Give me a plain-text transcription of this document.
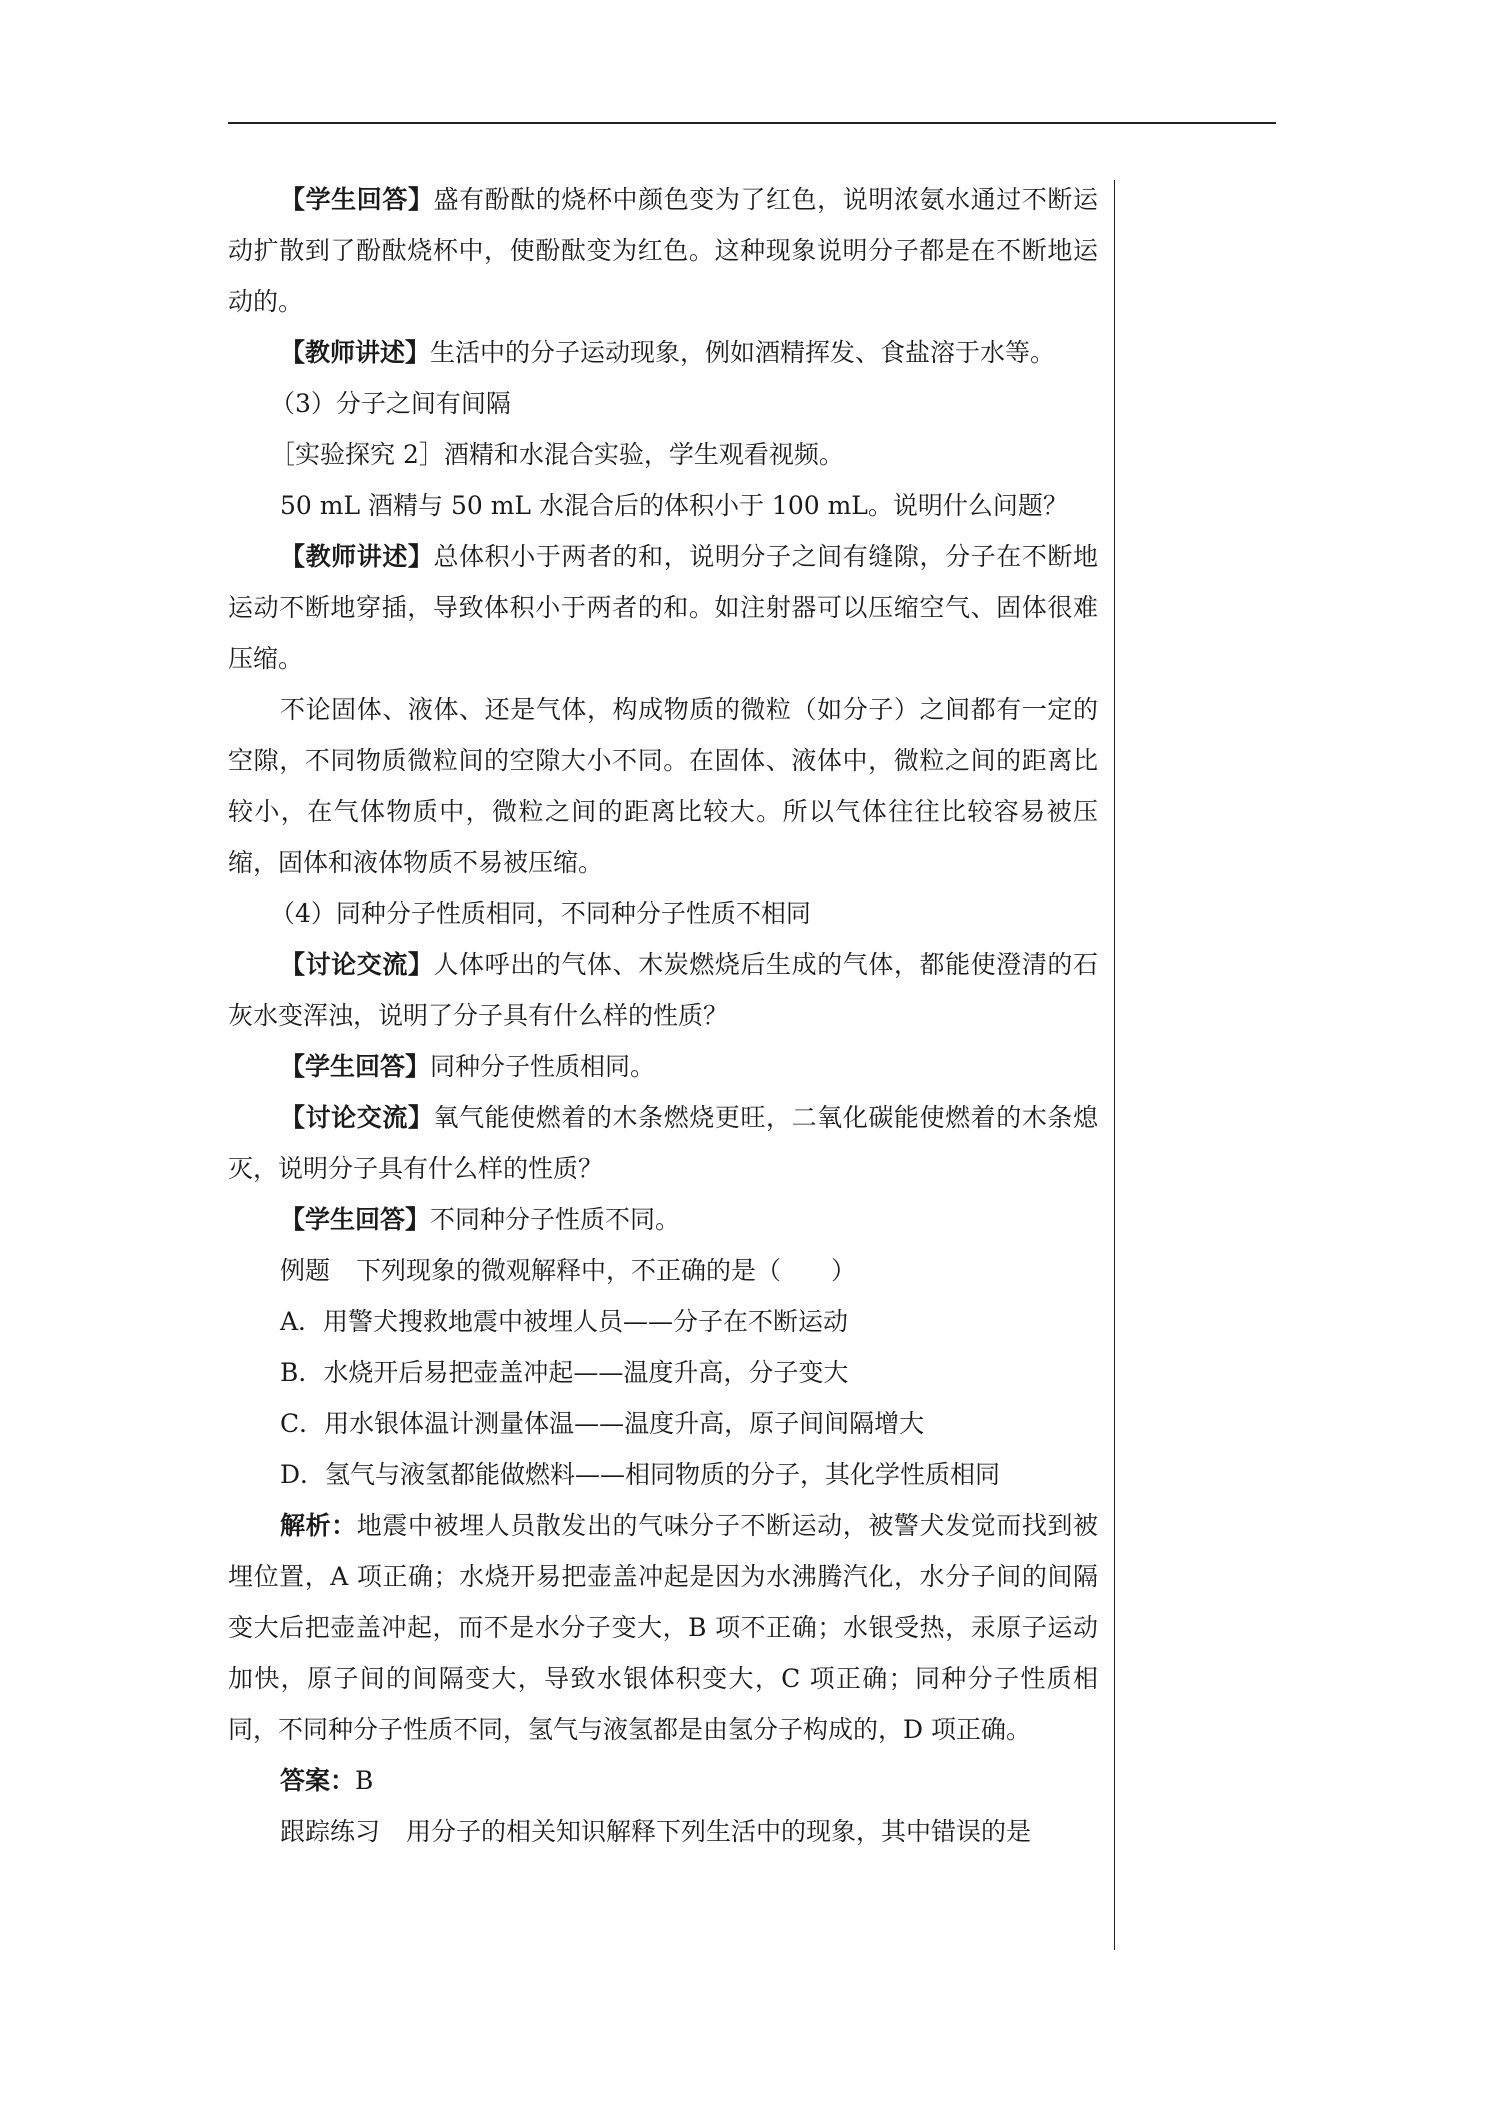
【学生回答】盛有酚酞的烧杯中颜色变为了红色，说明浓氨水通过不断运动扩散到了酚酞烧杯中，使酚酞变为红色。这种现象说明分子都是在不断地运动的。

【教师讲述】生活中的分子运动现象，例如酒精挥发、食盐溶于水等。

（3）分子之间有间隔

［实验探究 2］酒精和水混合实验，学生观看视频。

50 mL 酒精与 50 mL 水混合后的体积小于 100 mL。说明什么问题？

【教师讲述】总体积小于两者的和，说明分子之间有缝隙，分子在不断地运动不断地穿插，导致体积小于两者的和。如注射器可以压缩空气、固体很难压缩。

不论固体、液体、还是气体，构成物质的微粒（如分子）之间都有一定的空隙，不同物质微粒间的空隙大小不同。在固体、液体中，微粒之间的距离比较小，在气体物质中，微粒之间的距离比较大。所以气体往往比较容易被压缩，固体和液体物质不易被压缩。

（4）同种分子性质相同，不同种分子性质不相同

【讨论交流】人体呼出的气体、木炭燃烧后生成的气体，都能使澄清的石灰水变浑浊，说明了分子具有什么样的性质？

【学生回答】同种分子性质相同。

【讨论交流】氧气能使燃着的木条燃烧更旺，二氧化碳能使燃着的木条熄灭，说明分子具有什么样的性质？

【学生回答】不同种分子性质不同。

例题 下列现象的微观解释中，不正确的是（　　）

A．用警犬搜救地震中被埋人员——分子在不断运动

B．水烧开后易把壶盖冲起——温度升高，分子变大

C．用水银体温计测量体温——温度升高，原子间间隔增大

D．氢气与液氢都能做燃料——相同物质的分子，其化学性质相同

解析：地震中被埋人员散发出的气味分子不断运动，被警犬发觉而找到被埋位置，A 项正确；水烧开易把壶盖冲起是因为水沸腾汽化，水分子间的间隔变大后把壶盖冲起，而不是水分子变大，B 项不正确；水银受热，汞原子运动加快，原子间的间隔变大，导致水银体积变大，C 项正确；同种分子性质相同，不同种分子性质不同，氢气与液氢都是由氢分子构成的，D 项正确。

答案：B

跟踪练习 用分子的相关知识解释下列生活中的现象，其中错误的是
